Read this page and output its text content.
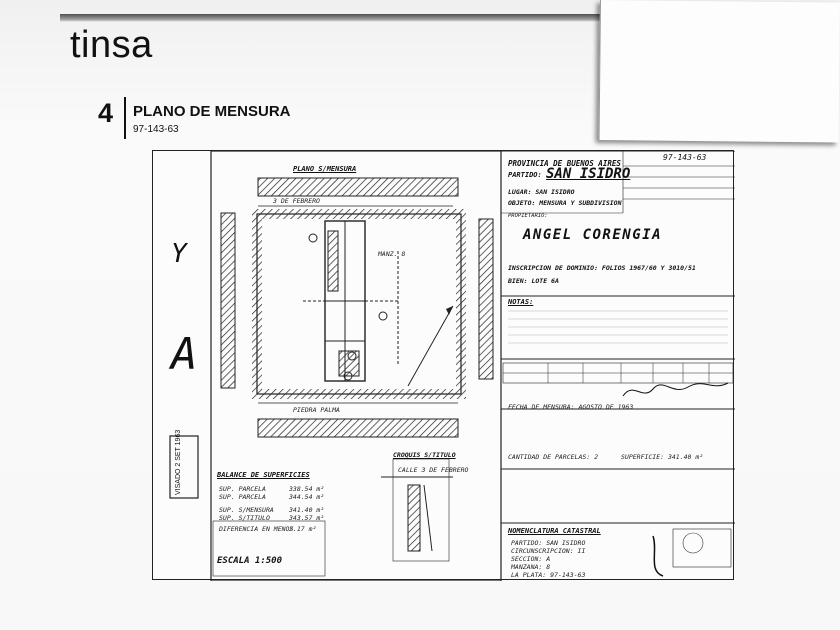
tinsa
4 PLANO DE MENSURA
97-143-63
PLANO S/MENSURA
3 DE FEBRERO
PIEDRA PALMA
MANZ. 8
Y
A
VISADO 2 SET 1963
PROVINCIA DE BUENOS AIRES
PARTIDO: SAN ISIDRO
LUGAR: SAN ISIDRO
OBJETO: MENSURA Y SUBDIVISION
PROPIETARIO:
ANGEL CORENGIA
INSCRIPCION DE DOMINIO: FOLIOS 1967/60 Y 3010/51
BIEN: LOTE 6A
NOTAS:
97-143-63
FECHA DE MENSURA: AGOSTO DE 1963
CANTIDAD DE PARCELAS: 2	SUPERFICIE: 341.40 m²
NOMENCLATURA CATASTRAL
PARTIDO: SAN ISIDRO
CIRCUNSCRIPCION: II
SECCION: A
MANZANA: 8
LA PLATA: 97-143-63
CROQUIS S/TITULO
CALLE 3 DE FEBRERO
BALANCE DE SUPERFICIES
SUP. PARCELA	338.54 m²
SUP. PARCELA	344.54 m²
SUP. S/MENSURA 341.40 m²
SUP. S/TITULO	343.57 m²
DIFERENCIA EN MENOS
2.17 m²
ESCALA 1:500
